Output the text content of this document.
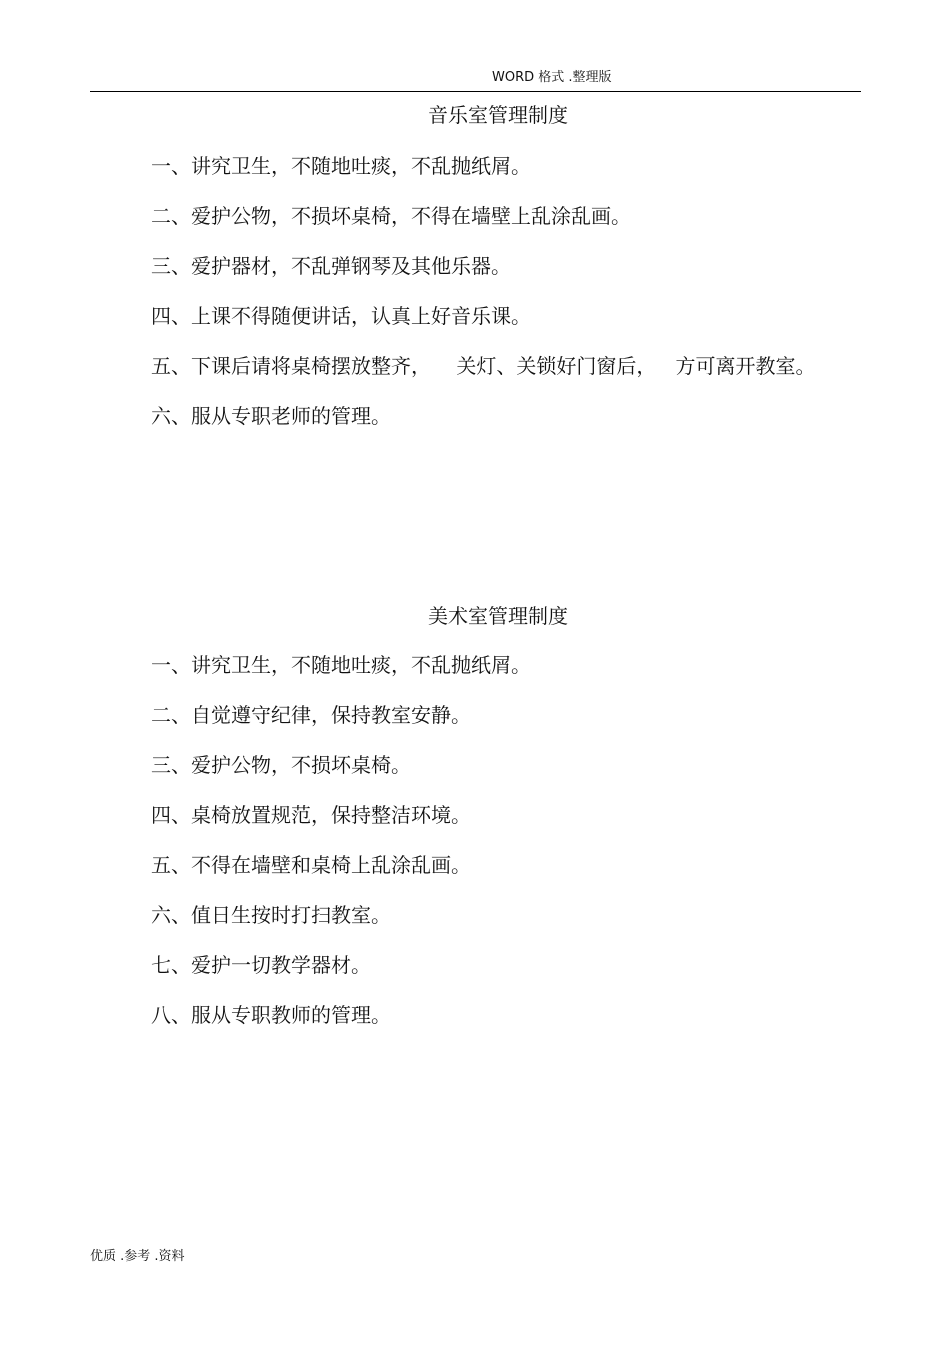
WORD 格式 .整理版
音乐室管理制度
一、讲究卫生，不随地吐痰，不乱抛纸屑。
二、爱护公物，不损坏桌椅，不得在墙壁上乱涂乱画。
三、爱护器材，不乱弹钢琴及其他乐器。
四、上课不得随便讲话，认真上好音乐课。
五、下课后请将桌椅摆放整齐，    关灯、关锁好门窗后，   方可离开教室。
六、服从专职老师的管理。
美术室管理制度
一、讲究卫生，不随地吐痰，不乱抛纸屑。
二、自觉遵守纪律，保持教室安静。
三、爱护公物，不损坏桌椅。
四、桌椅放置规范，保持整洁环境。
五、不得在墙壁和桌椅上乱涂乱画。
六、值日生按时打扫教室。
七、爱护一切教学器材。
八、服从专职教师的管理。
优质 .参考 .资料
